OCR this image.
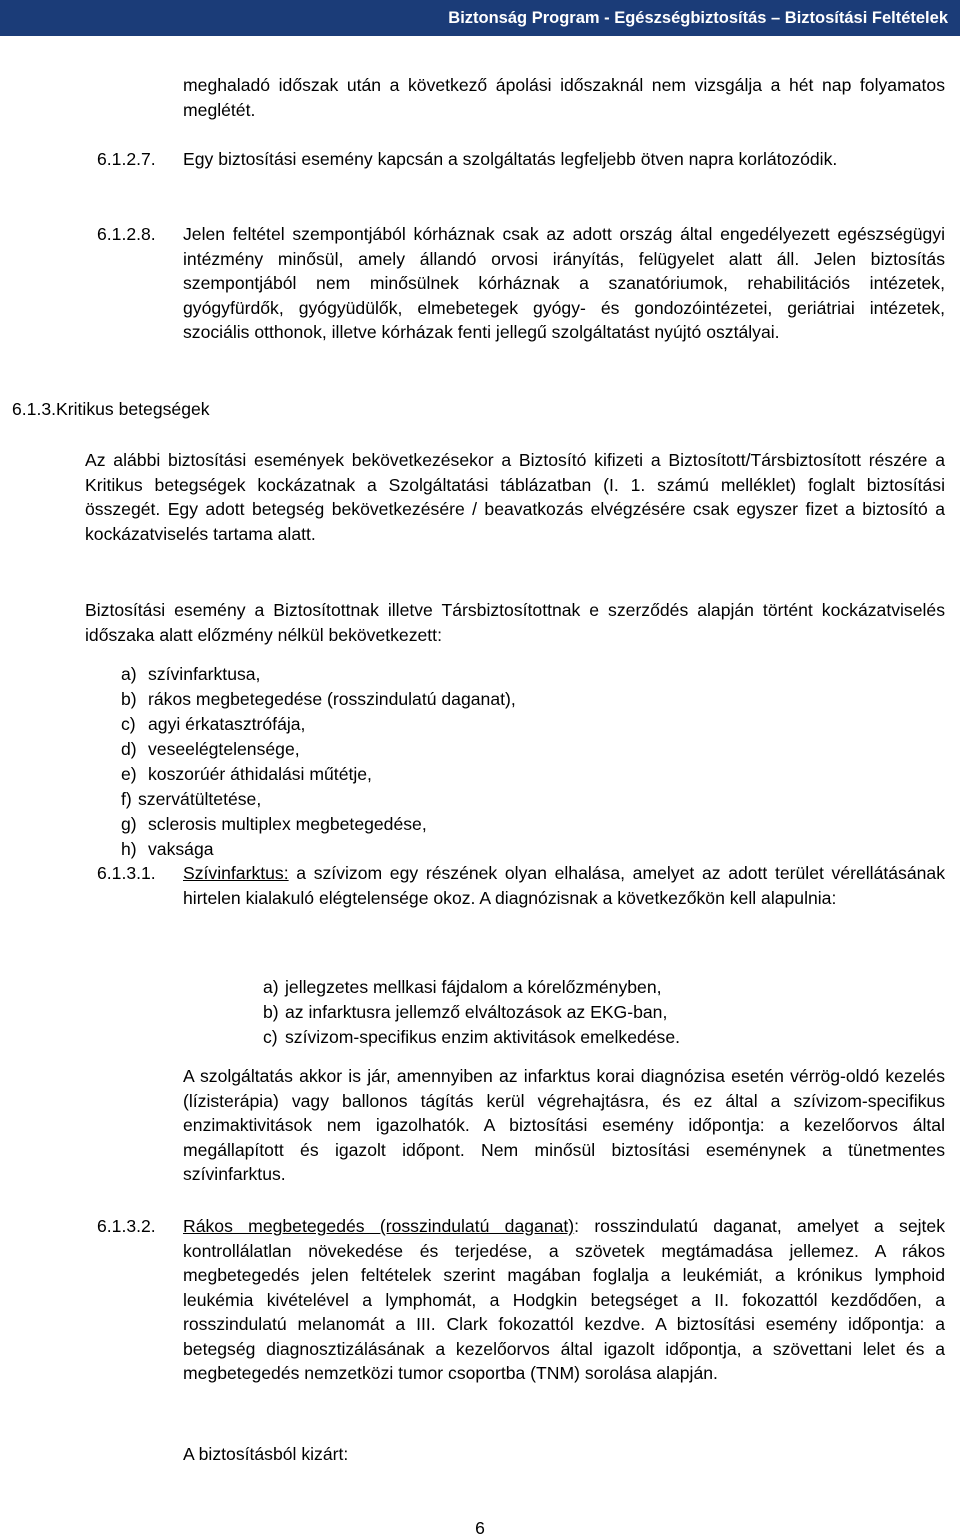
Biztonság Program - Egészségbiztosítás – Biztosítási Feltételek

meghaladó időszak után a következő ápolási időszaknál nem vizsgálja a hét nap folyamatos meglétét.

6.1.2.7. Egy biztosítási esemény kapcsán a szolgáltatás legfeljebb ötven napra korlátozódik.

6.1.2.8. Jelen feltétel szempontjából kórháznak csak az adott ország által engedélyezett egészségügyi intézmény minősül, amely állandó orvosi irányítás, felügyelet alatt áll. Jelen biztosítás szempontjából nem minősülnek kórháznak a szanatóriumok, rehabilitációs intézetek, gyógyfürdők, gyógyüdülők, elmebetegek gyógy- és gondozóintézetei, geriátriai intézetek, szociális otthonok, illetve kórházak fenti jellegű szolgáltatást nyújtó osztályai.

6.1.3.Kritikus betegségek

Az alábbi biztosítási események bekövetkezésekor a Biztosító kifizeti a Biztosított/Társbiztosított részére a Kritikus betegségek kockázatnak a Szolgáltatási táblázatban (I. 1. számú melléklet) foglalt biztosítási összegét. Egy adott betegség bekövetkezésére / beavatkozás elvégzésére csak egyszer fizet a biztosító a kockázatviselés tartama alatt.

Biztosítási esemény a Biztosítottnak illetve Társbiztosítottnak e szerződés alapján történt kockázatviselés időszaka alatt előzmény nélkül bekövetkezett:

a) szívinfarktusa,

b) rákos megbetegedése (rosszindulatú daganat),

c) agyi érkatasztrófája,

d) veseelégtelensége,

e) koszorúér áthidalási műtétje,

f) szervátültetése,

g) sclerosis multiplex megbetegedése,

h) vaksága

6.1.3.1. Szívinfarktus: a szívizom egy részének olyan elhalása, amelyet az adott terület vérellátásának hirtelen kialakuló elégtelensége okoz. A diagnózisnak a következőkön kell alapulnia:

a) jellegzetes mellkasi fájdalom a kórelőzményben,

b) az infarktusra jellemző elváltozások az EKG-ban,

c) szívizom-specifikus enzim aktivitások emelkedése.

A szolgáltatás akkor is jár, amennyiben az infarktus korai diagnózisa esetén vérrög-oldó kezelés (lízisterápia) vagy ballonos tágítás kerül végrehajtásra, és ez által a szívizom-specifikus enzimaktivitások nem igazolhatók. A biztosítási esemény időpontja: a kezelőorvos által megállapított és igazolt időpont. Nem minősül biztosítási eseménynek a tünetmentes szívinfarktus.

6.1.3.2. Rákos megbetegedés (rosszindulatú daganat): rosszindulatú daganat, amelyet a sejtek kontrollálatlan növekedése és terjedése, a szövetek megtámadása jellemez. A rákos megbetegedés jelen feltételek szerint magában foglalja a leukémiát, a krónikus lymphoid leukémia kivételével a lymphomát, a Hodgkin betegséget a II. fokozattól kezdődően, a rosszindulatú melanomát a III. Clark fokozattól kezdve. A biztosítási esemény időpontja: a betegség diagnosztizálásának a kezelőorvos által igazolt időpontja, a szövettani lelet és a megbetegedés nemzetközi tumor csoportba (TNM) sorolása alapján.

A biztosításból kizárt:

6
